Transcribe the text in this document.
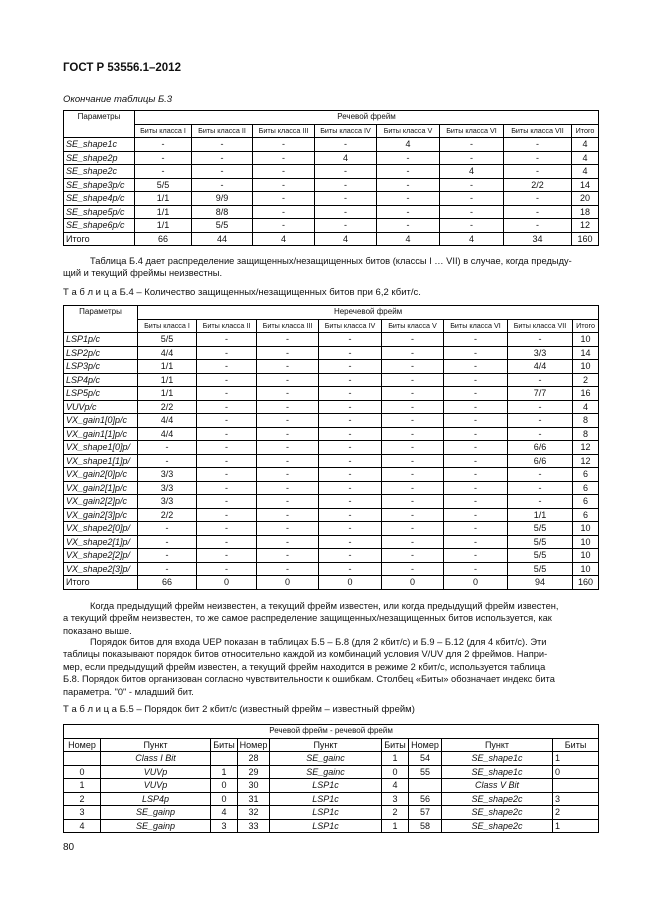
ГОСТ Р 53556.1–2012
Окончание таблицы Б.3
Параметры	Речевой фрейм							
	Биты класса I	Биты класса II	Биты класса III	Биты класса IV	Биты класса V	Биты класса VI	Биты класса VII	Итого
SE_shape1c	-	-	-	-	4	-	-	4
SE_shape2p	-	-	-	4	-	-	-	4
SE_shape2c	-	-	-	-	-	4	-	4
SE_shape3p/c	5/5	-	-	-	-	-	2/2	14
SE_shape4p/c	1/1	9/9	-	-	-	-	-	20
SE_shape5p/c	1/1	8/8	-	-	-	-	-	18
SE_shape6p/c	1/1	5/5	-	-	-	-	-	12
Итого	66	44	4	4	4	4	34	160
Таблица Б.4 дает распределение защищенных/незащищенных битов (классы I … VII) в случае, когда предыду-
щий и текущий фреймы неизвестны.
Т а б л и ц а Б.4 – Количество защищенных/незащищенных битов при 6,2 кбит/с.
Параметры	Неречевой фрейм							
	Биты класса I	Биты класса II	Биты класса III	Биты класса IV	Биты класса V	Биты класса VI	Биты класса VII	Итого
LSP1p/c	5/5	-	-	-	-	-	-	10
LSP2p/c	4/4	-	-	-	-	-	3/3	14
LSP3p/c	1/1	-	-	-	-	-	4/4	10
LSP4p/c	1/1	-	-	-	-	-	-	2
LSP5p/c	1/1	-	-	-	-	-	7/7	16
VUVp/c	2/2	-	-	-	-	-	-	4
VX_gain1[0]p/c	4/4	-	-	-	-	-	-	8
VX_gain1[1]p/c	4/4	-	-	-	-	-	-	8
VX_shape1[0]p/	-	-	-	-	-	-	6/6	12
VX_shape1[1]p/	-	-	-	-	-	-	6/6	12
VX_gain2[0]p/c	3/3	-	-	-	-	-	-	6
VX_gain2[1]p/c	3/3	-	-	-	-	-	-	6
VX_gain2[2]p/c	3/3	-	-	-	-	-	-	6
VX_gain2[3]p/c	2/2	-	-	-	-	-	1/1	6
VX_shape2[0]p/	-	-	-	-	-	-	5/5	10
VX_shape2[1]p/	-	-	-	-	-	-	5/5	10
VX_shape2[2]p/	-	-	-	-	-	-	5/5	10
VX_shape2[3]p/	-	-	-	-	-	-	5/5	10
Итого	66	0	0	0	0	0	94	160
Когда предыдущий фрейм неизвестен, а текущий фрейм известен, или когда предыдущий фрейм известен,
а текущий фрейм неизвестен, то же самое распределение защищенных/незащищенных битов используется, как
показано выше.
Порядок битов для входа UEP показан в таблицах Б.5 – Б.8 (для 2 кбит/с) и Б.9 – Б.12 (для 4 кбит/с). Эти
таблицы показывают порядок битов относительно каждой из комбинаций условия V/UV для 2 фреймов. Напри-
мер, если предыдущий фрейм известен, а текущий фрейм находится в режиме 2 кбит/с, используется таблица
Б.8. Порядок битов организован согласно чувствительности к ошибкам. Столбец «Биты» обозначает индекс бита
параметра. "0" - младший бит.
Т а б л и ц а Б.5 – Порядок бит 2 кбит/с (известный фрейм – известный фрейм)
Речевой фрейм - речевой фрейм								
Номер	Пункт	Биты	Номер	Пункт	Биты	Номер	Пункт	Биты
	Class I Bit		28	SE_gainc	1	54	SE_shape1c	1
0	VUVp	1	29	SE_gainc	0	55	SE_shape1c	0
1	VUVp	0	30	LSP1c	4		Class V Bit	
2	LSP4p	0	31	LSP1c	3	56	SE_shape2c	3
3	SE_gainp	4	32	LSP1c	2	57	SE_shape2c	2
4	SE_gainp	3	33	LSP1c	1	58	SE_shape2c	1
80
